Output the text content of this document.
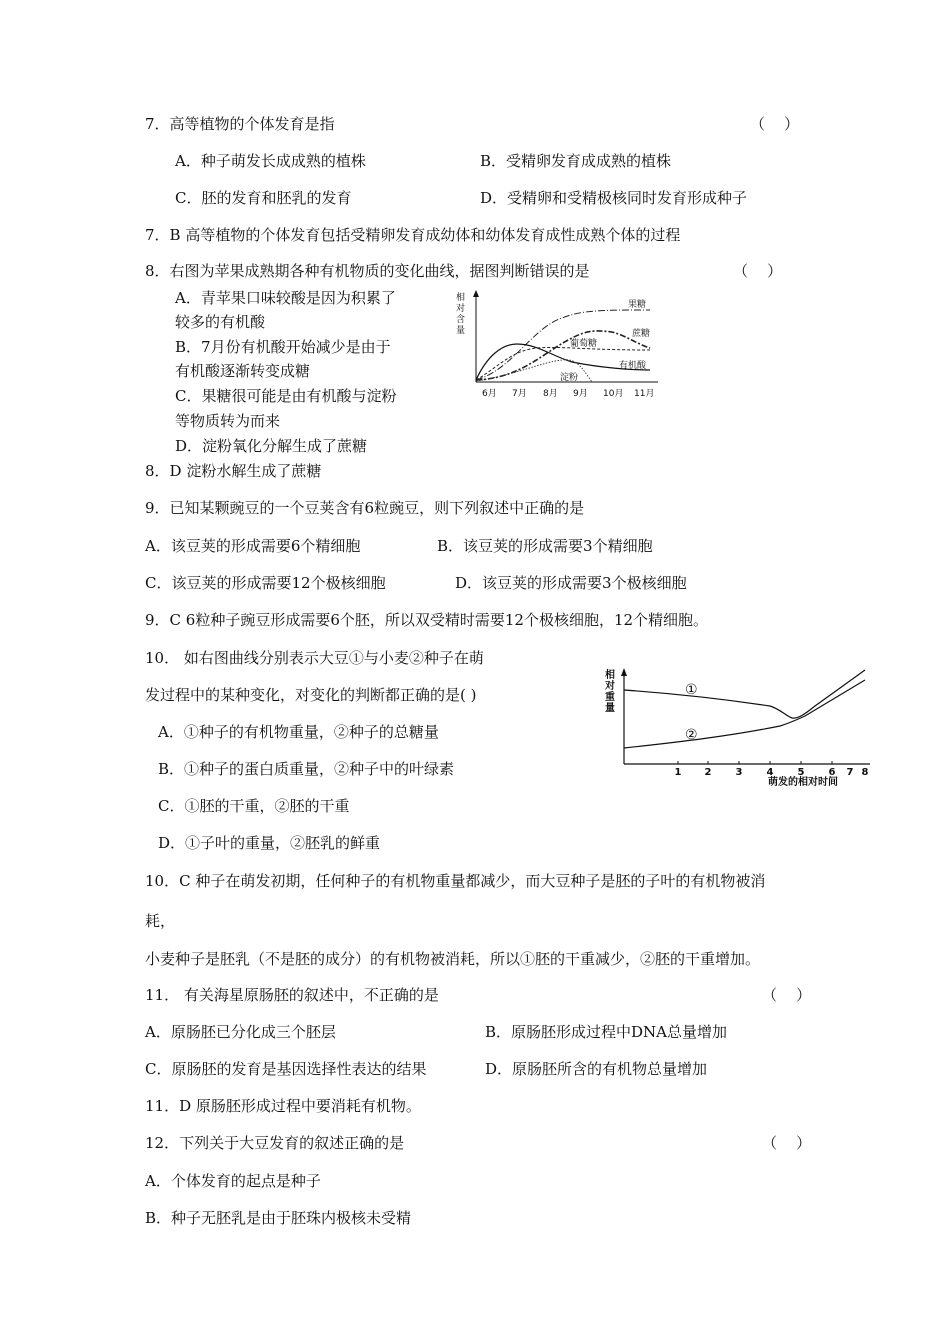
7．高等植物的个体发育是指	（    ）
A．种子萌发长成成熟的植株	B．受精卵发育成成熟的植株
C．胚的发育和胚乳的发育	D．受精卵和受精极核同时发育形成种子
7．B 高等植物的个体发育包括受精卵发育成幼体和幼体发育成性成熟个体的过程
8．右图为苹果成熟期各种有机物质的变化曲线，据图判断错误的是	（    ）
A．青苹果口味较酸是因为积累了
较多的有机酸
B．7月份有机酸开始减少是由于
有机酸逐渐转变成糖
C．果糖很可能是由有机酸与淀粉
等物质转为而来
D．淀粉氧化分解生成了蔗糖
8．D 淀粉水解生成了蔗糖
相
对
含
量
果糖
蔗糖
葡萄糖
有机酸
淀粉
6月 7月 8月 9月 10月 11月
9．已知某颗豌豆的一个豆荚含有6粒豌豆，则下列叙述中正确的是
A．该豆荚的形成需要6个精细胞	B．该豆荚的形成需要3个精细胞
C．该豆荚的形成需要12个极核细胞	D．该豆荚的形成需要3个极核细胞
9．C 6粒种子豌豆形成需要6个胚，所以双受精时需要12个极核细胞，12个精细胞。
10． 如右图曲线分别表示大豆①与小麦②种子在萌
发过程中的某种变化，对变化的判断都正确的是( )
A．①种子的有机物重量，②种子的总糖量
B．①种子的蛋白质重量，②种子中的叶绿素
C．①胚的干重，②胚的干重
D．①子叶的重量，②胚乳的鲜重
10．C 种子在萌发初期，任何种子的有机物重量都减少，而大豆种子是胚的子叶的有机物被消
耗，
小麦种子是胚乳（不是胚的成分）的有机物被消耗，所以①胚的干重减少，②胚的干重增加。
相
对
重
量
①
②
1 2 3 4 5 6 7 8
萌发的相对时间
11． 有关海星原肠胚的叙述中，不正确的是	（    ）
A．原肠胚已分化成三个胚层	B．原肠胚形成过程中DNA总量增加
C．原肠胚的发育是基因选择性表达的结果	D．原肠胚所含的有机物总量增加
11．D 原肠胚形成过程中要消耗有机物。
12．下列关于大豆发育的叙述正确的是	（    ）
A．个体发育的起点是种子
B．种子无胚乳是由于胚珠内极核未受精
